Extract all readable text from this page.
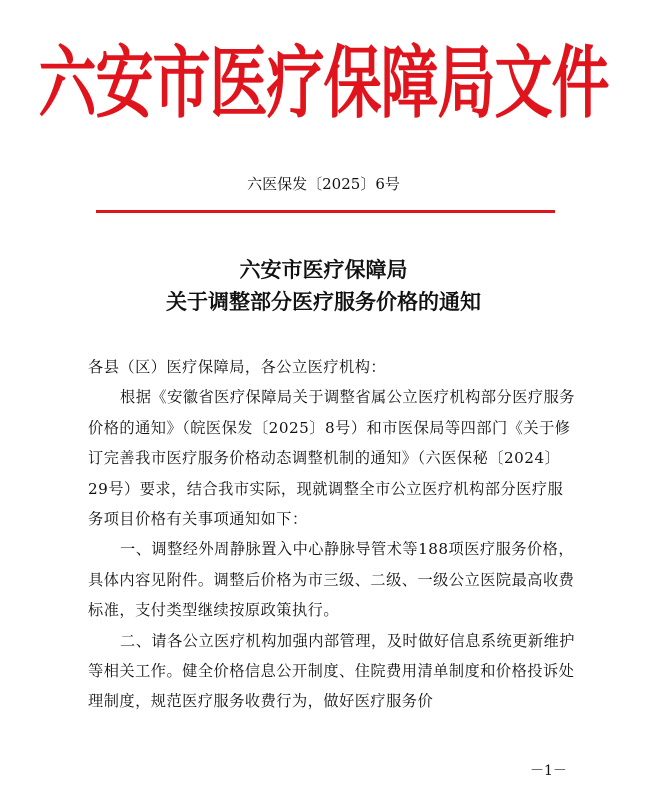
六安市医疗保障局文件
六医保发〔2025〕6号
六安市医疗保障局
关于调整部分医疗服务价格的通知

各县（区）医疗保障局，各公立医疗机构：

根据《安徽省医疗保障局关于调整省属公立医疗机构部分医疗服务价格的通知》（皖医保发〔2025〕8号）和市医保局等四部门《关于修订完善我市医疗服务价格动态调整机制的通知》（六医保秘〔2024〕29号）要求，结合我市实际，现就调整全市公立医疗机构部分医疗服务项目价格有关事项通知如下：

一、调整经外周静脉置入中心静脉导管术等188项医疗服务价格，具体内容见附件。调整后价格为市三级、二级、一级公立医院最高收费标准，支付类型继续按原政策执行。

二、请各公立医疗机构加强内部管理，及时做好信息系统更新维护等相关工作。健全价格信息公开制度、住院费用清单制度和价格投诉处理制度，规范医疗服务收费行为，做好医疗服务价

－1－
